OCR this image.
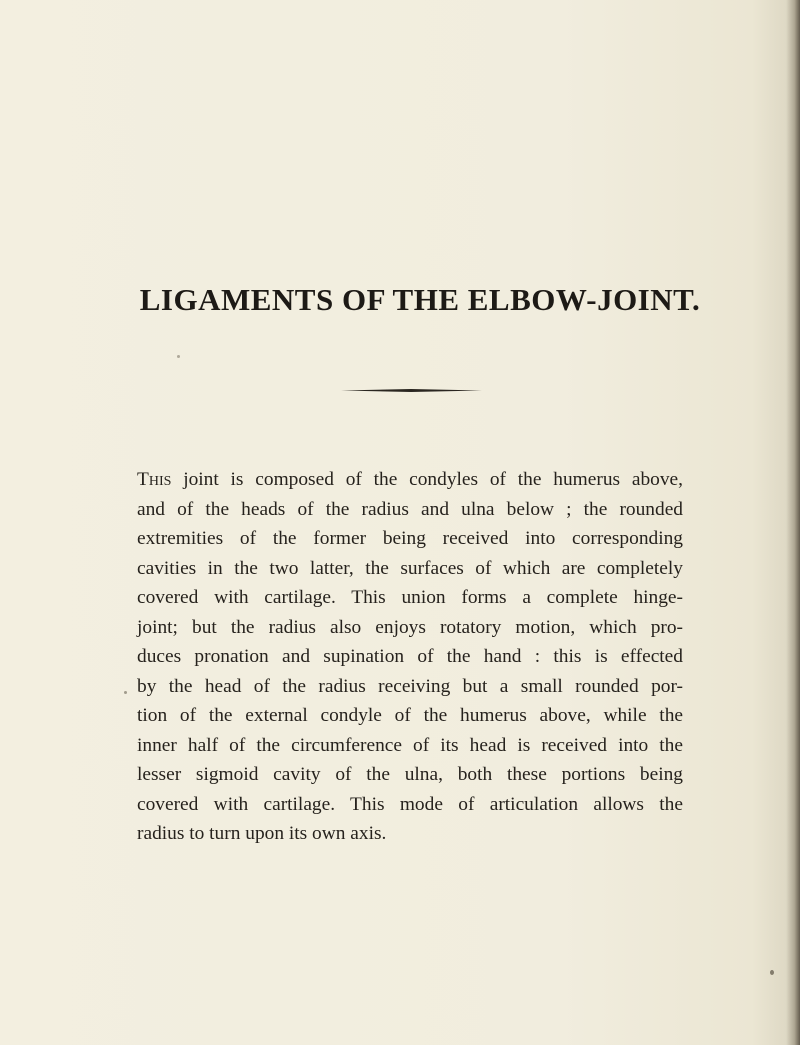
LIGAMENTS OF THE ELBOW-JOINT.
This joint is composed of the condyles of the humerus above,
and of the heads of the radius and ulna below ; the rounded
extremities of the former being received into corresponding
cavities in the two latter, the surfaces of which are completely
covered with cartilage. This union forms a complete hinge-
joint; but the radius also enjoys rotatory motion, which pro-
duces pronation and supination of the hand : this is effected
by the head of the radius receiving but a small rounded por-
tion of the external condyle of the humerus above, while the
inner half of the circumference of its head is received into the
lesser sigmoid cavity of the ulna, both these portions being
covered with cartilage. This mode of articulation allows the
radius to turn upon its own axis.
